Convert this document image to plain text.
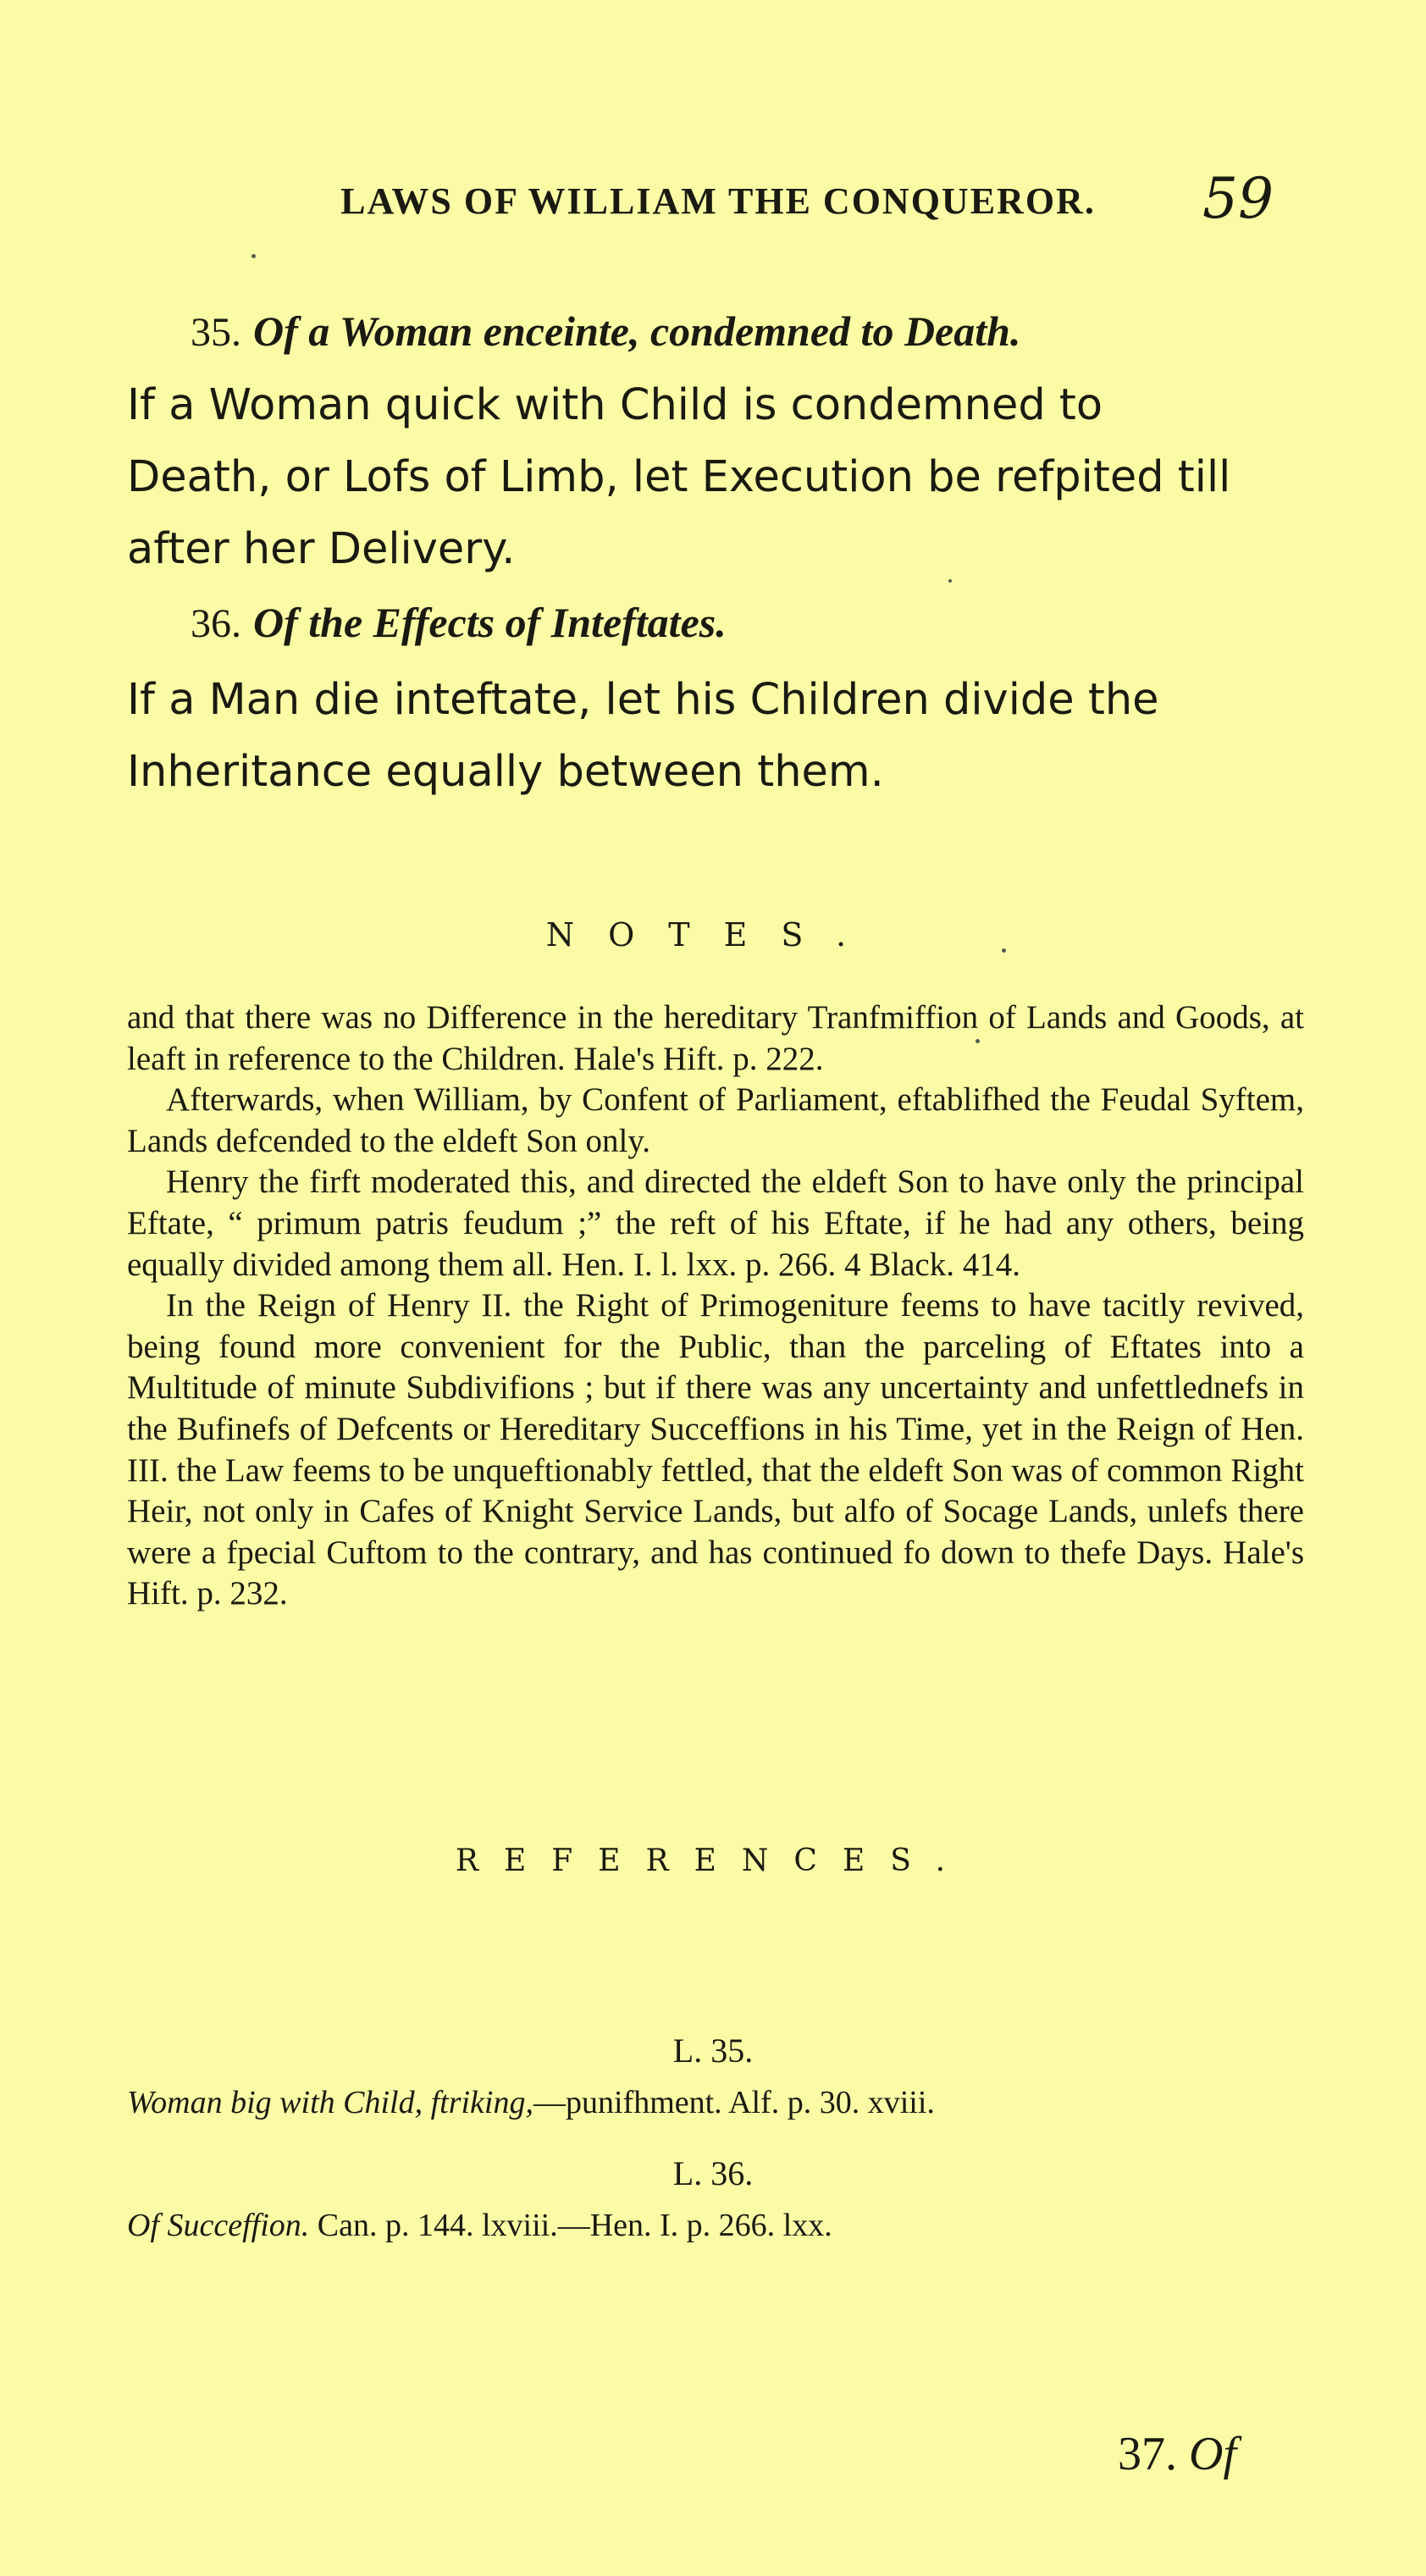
LAWS OF WILLIAM THE CONQUEROR.	59
35. Of a Woman enceinte, condemned to Death.

If a Woman quick with Child is condemned to

Death, or Lofs of Limb, let Execution be refpited till

after her Delivery.

36. Of the Effects of Inteftates.

If a Man die inteftate, let his Children divide the

Inheritance equally between them.

NOTES.

and that there was no Difference in the hereditary Tranfmiffion of Lands and Goods, at leaft in reference to the Children. Hale's Hift. p. 222.

Afterwards, when William, by Confent of Parliament, eftablifhed the Feudal Syftem, Lands defcended to the eldeft Son only.

Henry the firft moderated this, and directed the eldeft Son to have only the principal Eftate, “ primum patris feudum ;” the reft of his Eftate, if he had any others, being equally divided among them all. Hen. I. l. lxx. p. 266. 4 Black. 414.

In the Reign of Henry II. the Right of Primogeniture feems to have tacitly revived, being found more convenient for the Public, than the parceling of Eftates into a Multitude of minute Subdivifions ; but if there was any uncertainty and unfettlednefs in the Bufinefs of Defcents or Hereditary Succeffions in his Time, yet in the Reign of Hen. III. the Law feems to be unqueftionably fettled, that the eldeft Son was of common Right Heir, not only in Cafes of Knight Service Lands, but alfo of Socage Lands, unlefs there were a fpecial Cuftom to the contrary, and has continued fo down to thefe Days. Hale's Hift. p. 232.

REFERENCES.
L. 35.
Woman big with Child, ftriking,—punifhment. Alf. p. 30. xviii.
L. 36.
Of Succeffion. Can. p. 144. lxviii.—Hen. I. p. 266. lxx.
37. Of
